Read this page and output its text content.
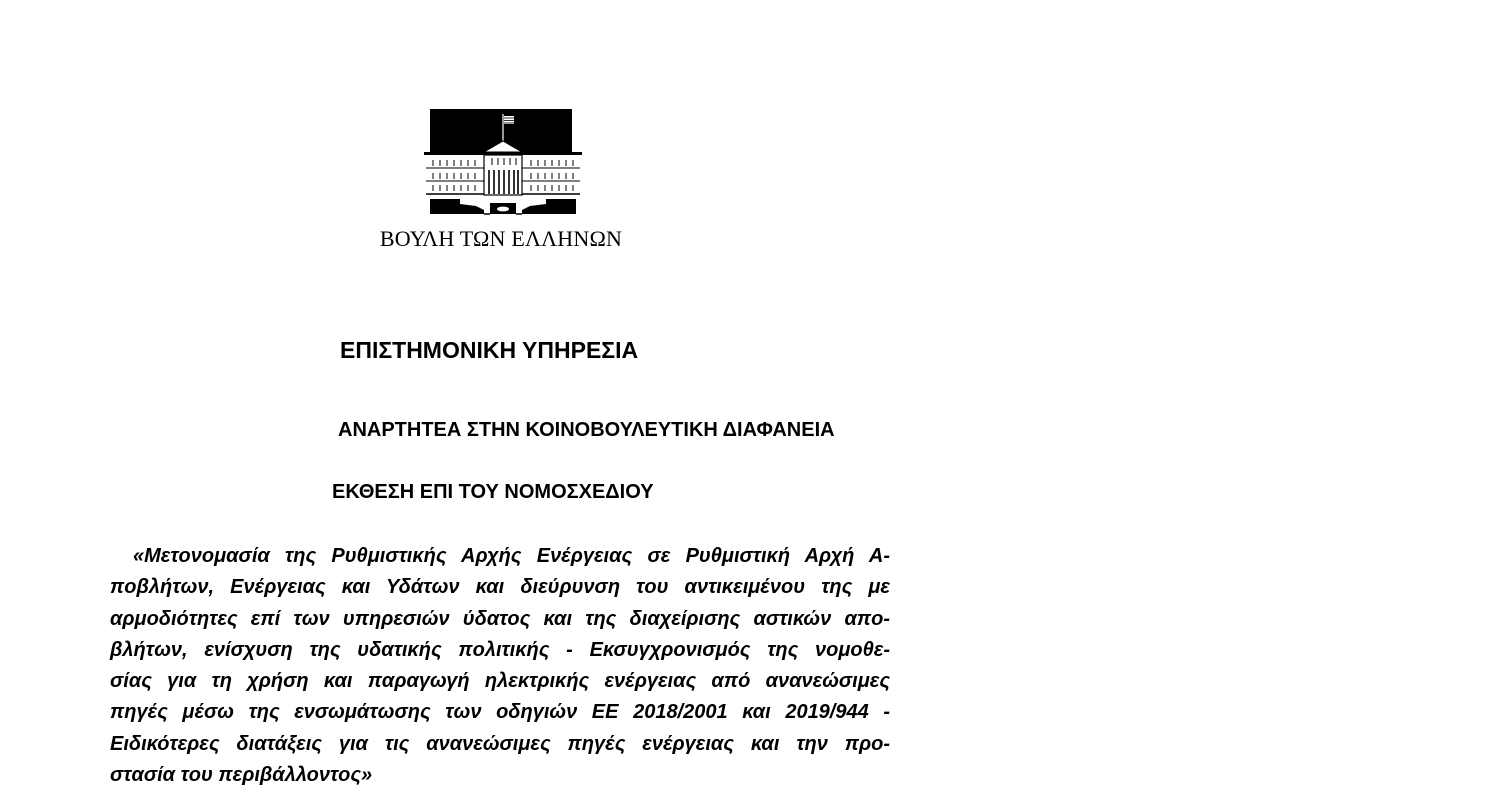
ΒΟΥΛΗ ΤΩΝ ΕΛΛΗΝΩΝ
ΕΠΙΣΤΗΜΟΝΙΚΗ ΥΠΗΡΕΣΙΑ
ΑΝΑΡΤΗΤΕΑ ΣΤΗΝ ΚΟΙΝΟΒΟΥΛΕΥΤΙΚΗ ΔΙΑΦΑΝΕΙΑ
ΕΚΘΕΣΗ ΕΠΙ ΤΟΥ ΝΟΜΟΣΧΕΔΙΟΥ
«Μετονομασία της Ρυθμιστικής Αρχής Ενέργειας σε Ρυθμιστική Αρχή Α-
ποβλήτων, Ενέργειας και Υδάτων και διεύρυνση του αντικειμένου της με
αρμοδιότητες επί των υπηρεσιών ύδατος και της διαχείρισης αστικών απο-
βλήτων, ενίσχυση της υδατικής πολιτικής - Εκσυγχρονισμός της νομοθε-
σίας για τη χρήση και παραγωγή ηλεκτρικής ενέργειας από ανανεώσιμες
πηγές μέσω της ενσωμάτωσης των οδηγιών ΕΕ 2018/2001 και 2019/944 -
Ειδικότερες διατάξεις για τις ανανεώσιμες πηγές ενέργειας και την προ-
στασία του περιβάλλοντος»
